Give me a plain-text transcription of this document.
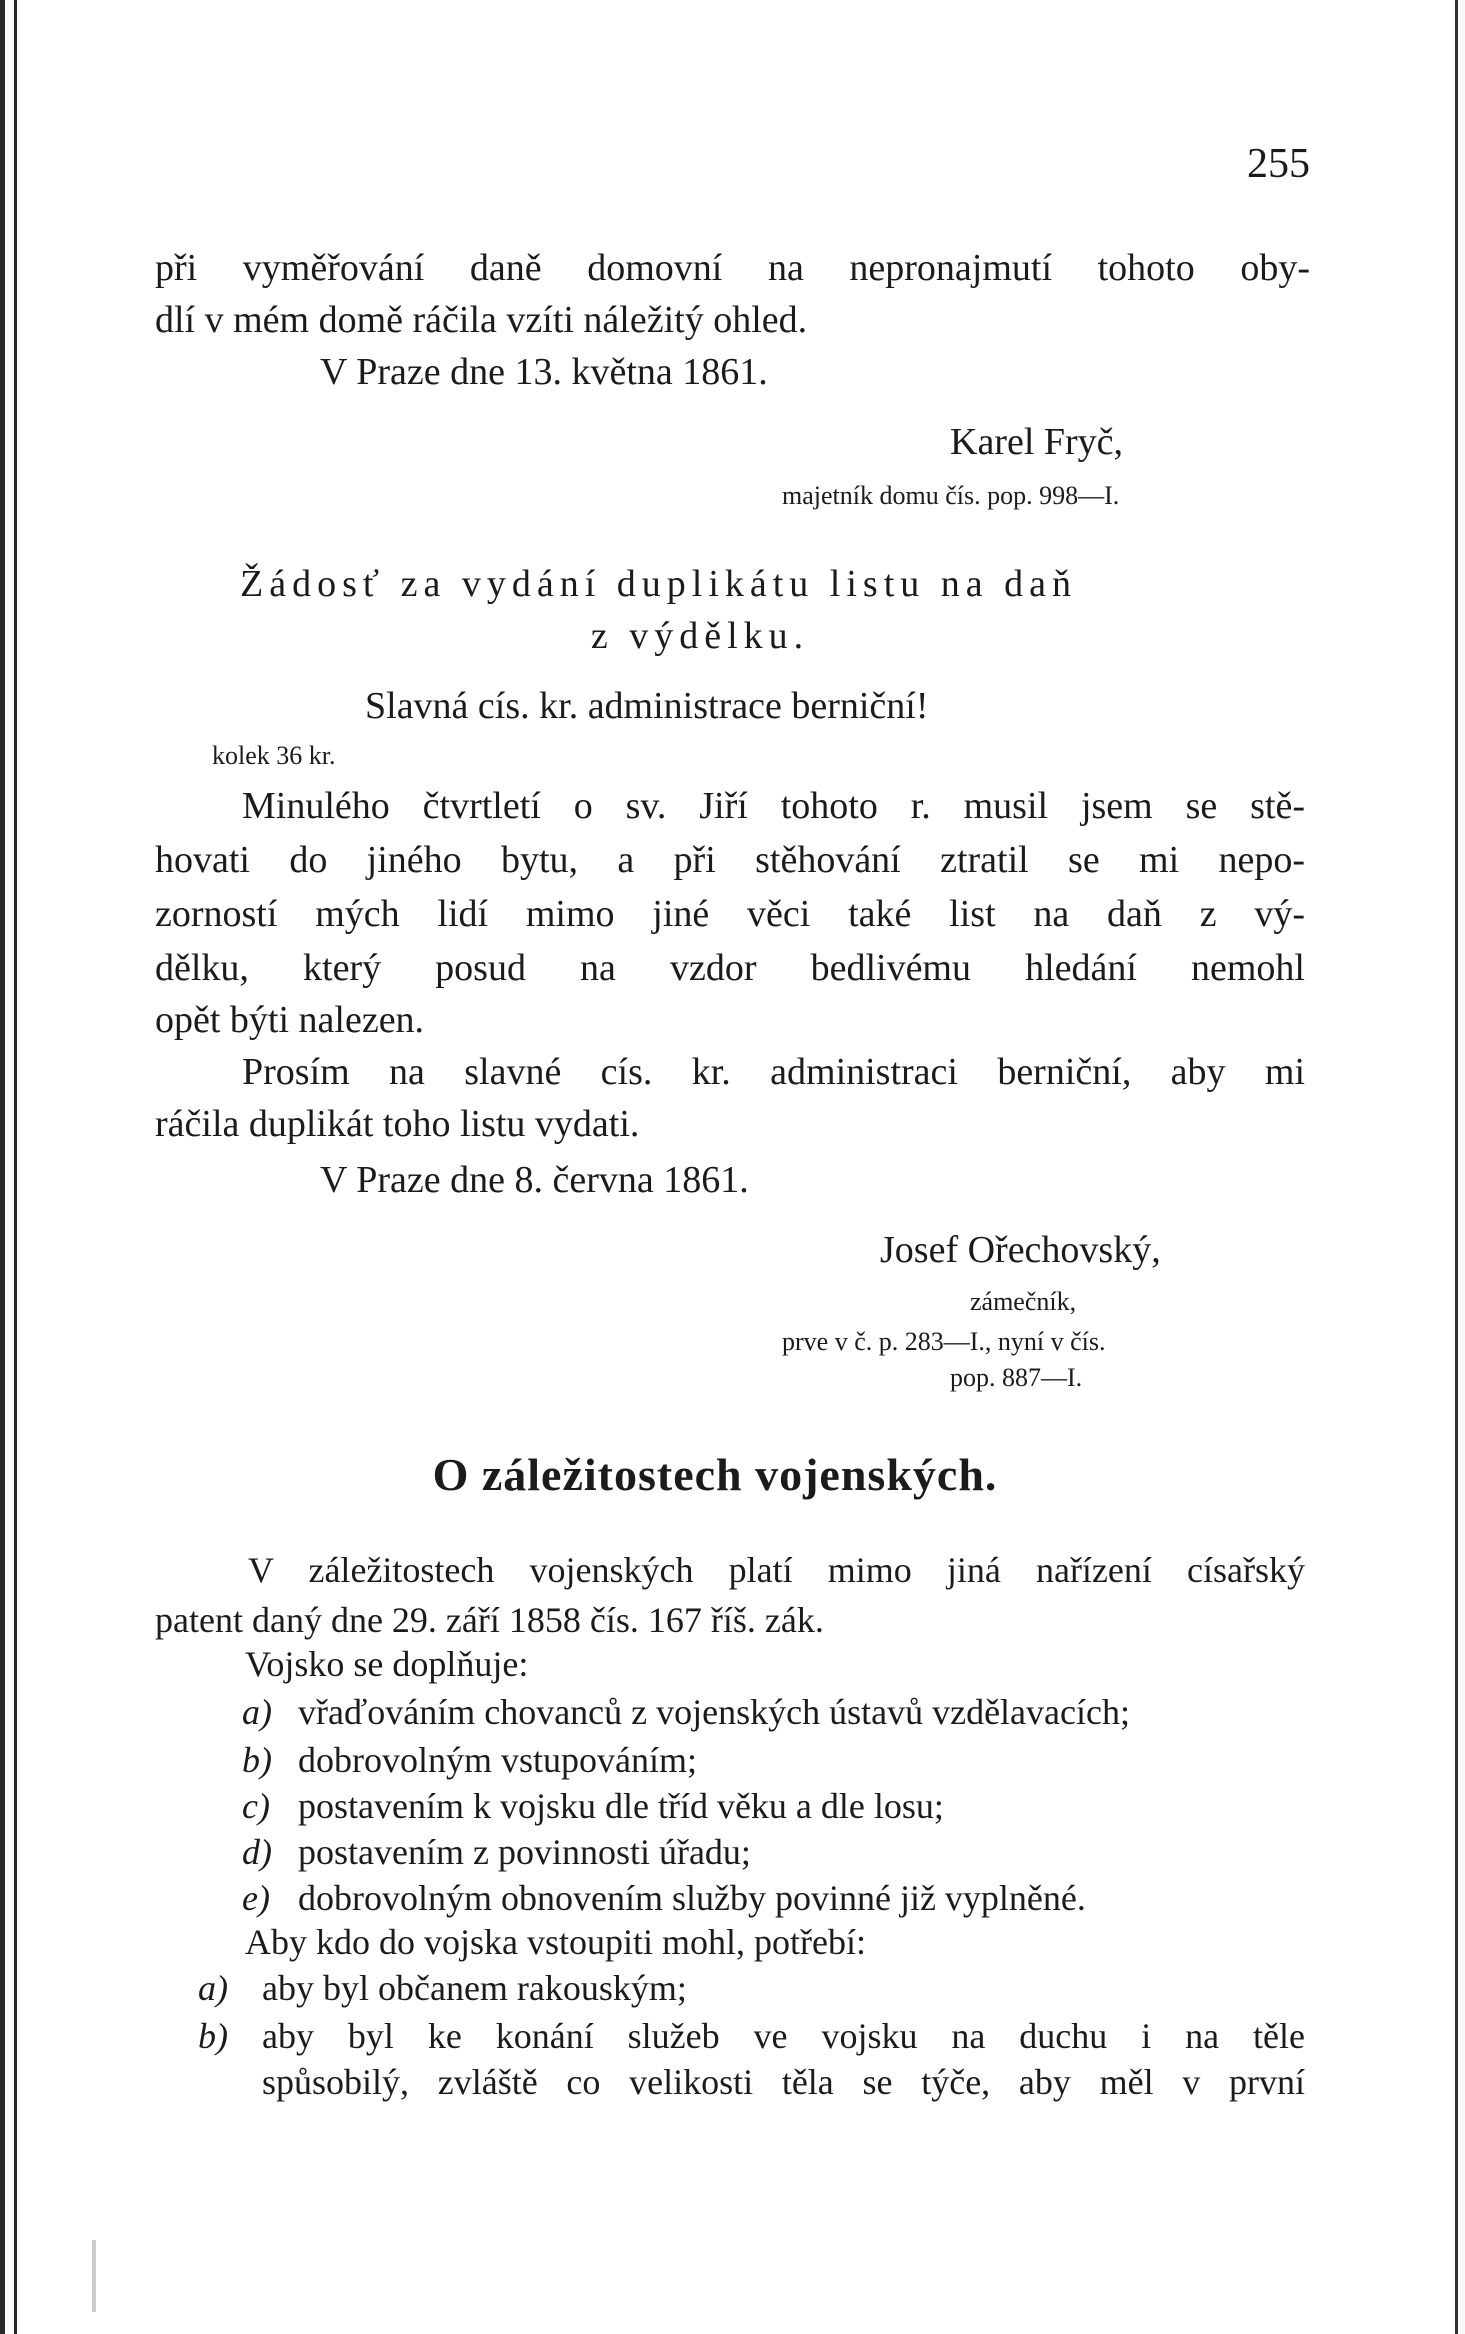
255
při vyměřování daně domovní na nepronajmutí tohoto oby-
dlí v mém domě ráčila vzíti náležitý ohled.
V Praze dne 13. května 1861.
Karel Fryč,
majetník domu čís. pop. 998—I.
Žádosť za vydání duplikátu listu na daň
z výdělku.
Slavná cís. kr. administrace berniční!
kolek 36 kr.
Minulého čtvrtletí o sv. Jiří tohoto r. musil jsem se stě-
hovati do jiného bytu, a při stěhování ztratil se mi nepo-
zorností mých lidí mimo jiné věci také list na daň z vý-
dělku, který posud na vzdor bedlivému hledání nemohl
opět býti nalezen.
Prosím na slavné cís. kr. administraci berniční, aby mi
ráčila duplikát toho listu vydati.
V Praze dne 8. června 1861.
Josef Ořechovský,
zámečník,
prve v č. p. 283—I., nyní v čís.
pop. 887—I.
O záležitostech vojenských.
V záležitostech vojenských platí mimo jiná nařízení císařský
patent daný dne 29. září 1858 čís. 167 říš. zák.
Vojsko se doplňuje:
a) vřaďováním chovanců z vojenských ústavů vzdělavacích;
b) dobrovolným vstupováním;
c) postavením k vojsku dle tříd věku a dle losu;
d) postavením z povinnosti úřadu;
e) dobrovolným obnovením služby povinné již vyplněné.
Aby kdo do vojska vstoupiti mohl, potřebí:
a) aby byl občanem rakouským;
b) aby byl ke konání služeb ve vojsku na duchu i na těle
spůsobilý, zvláště co velikosti těla se týče, aby měl v první
